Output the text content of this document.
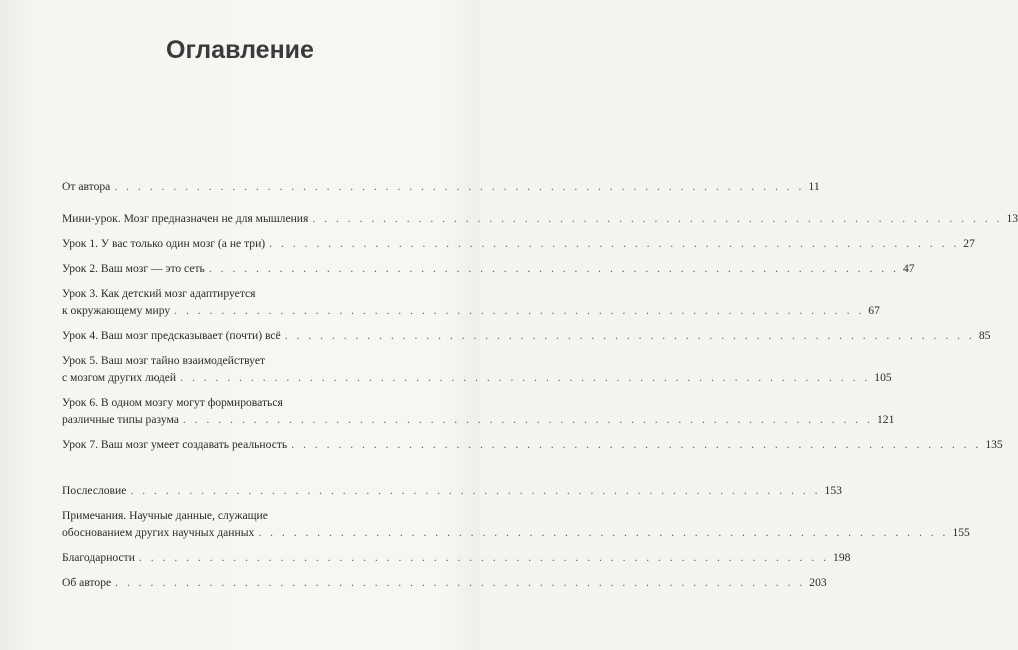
Оглавление
От автора . . . . . . . . . . . . . . . . . . . . . . . . . . . . . . . . . . . . . . . . . . . . . . . . . . . . . . . . . . . 11
Мини-урок. Мозг предназначен не для мышления . . . . . . . . . . . . . . . . . . . . . . . . . . . . . . . . . . . . . . . . . . . . . . . . . . . . . . . . . . . 13
Урок 1. У вас только один мозг (а не три) . . . . . . . . . . . . . . . . . . . . . . . . . . . . . . . . . . . . . . . . . . . . . . . . . . . . . . . . . . . 27
Урок 2. Ваш мозг — это сеть . . . . . . . . . . . . . . . . . . . . . . . . . . . . . . . . . . . . . . . . . . . . . . . . . . . . . . . . . . . 47
Урок 3. Как детский мозг адаптируется
к окружающему миру . . . . . . . . . . . . . . . . . . . . . . . . . . . . . . . . . . . . . . . . . . . . . . . . . . . . . . . . . . . 67
Урок 4. Ваш мозг предсказывает (почти) всё . . . . . . . . . . . . . . . . . . . . . . . . . . . . . . . . . . . . . . . . . . . . . . . . . . . . . . . . . . . 85
Урок 5. Ваш мозг тайно взаимодействует
с мозгом других людей . . . . . . . . . . . . . . . . . . . . . . . . . . . . . . . . . . . . . . . . . . . . . . . . . . . . . . . . . . . 105
Урок 6. В одном мозгу могут формироваться
различные типы разума . . . . . . . . . . . . . . . . . . . . . . . . . . . . . . . . . . . . . . . . . . . . . . . . . . . . . . . . . . . 121
Урок 7. Ваш мозг умеет создавать реальность . . . . . . . . . . . . . . . . . . . . . . . . . . . . . . . . . . . . . . . . . . . . . . . . . . . . . . . . . . . 135
Послесловие . . . . . . . . . . . . . . . . . . . . . . . . . . . . . . . . . . . . . . . . . . . . . . . . . . . . . . . . . . . 153
Примечания. Научные данные, служащие
обоснованием других научных данных . . . . . . . . . . . . . . . . . . . . . . . . . . . . . . . . . . . . . . . . . . . . . . . . . . . . . . . . . . . 155
Благодарности . . . . . . . . . . . . . . . . . . . . . . . . . . . . . . . . . . . . . . . . . . . . . . . . . . . . . . . . . . . 198
Об авторе . . . . . . . . . . . . . . . . . . . . . . . . . . . . . . . . . . . . . . . . . . . . . . . . . . . . . . . . . . . 203
